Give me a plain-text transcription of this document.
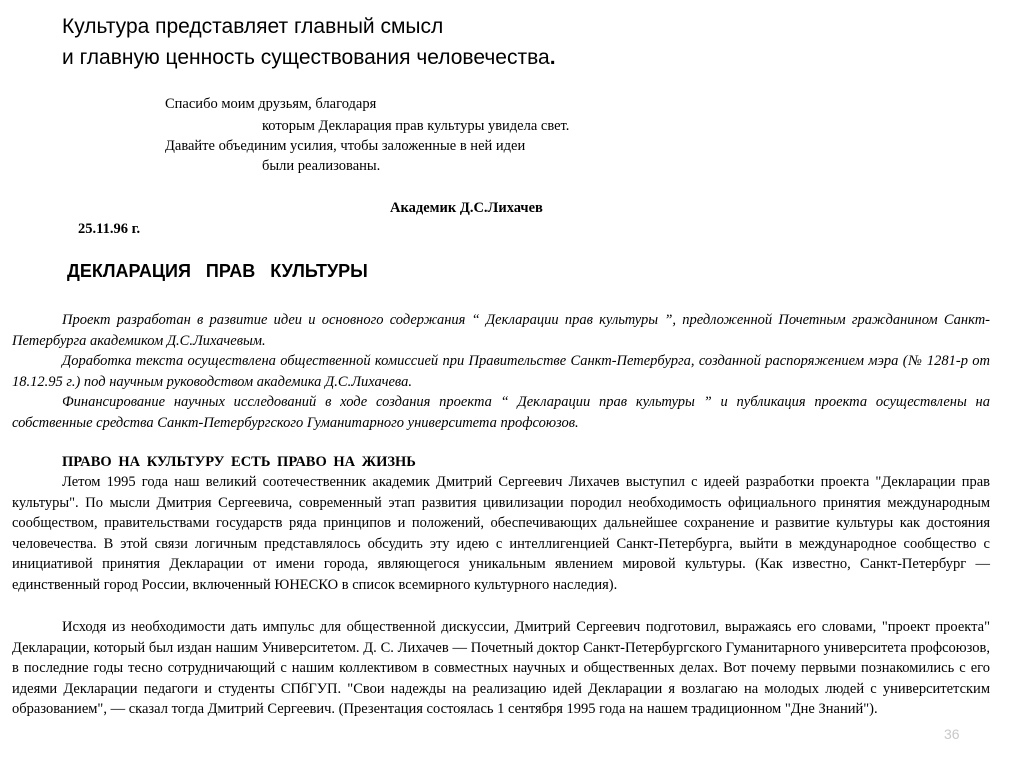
Культура представляет главный смысл
и главную ценность существования человечества.
Спасибо моим друзьям, благодаря
которым Декларация прав культуры увидела свет.
Давайте объединим усилия, чтобы заложенные в ней идеи
были реализованы.
Академик Д.С.Лихачев
25.11.96 г.
ДЕКЛАРАЦИЯ ПРАВ КУЛЬТУРЫ

Проект разработан в развитие идеи и основного содержания “ Декларации прав культуры ”, предложенной Почетным гражданином Санкт-Петербурга академиком Д.С.Лихачевым.

Доработка текста осуществлена общественной комиссией при Правительстве Санкт-Петербурга, созданной распоряжением мэра (№ 1281-р от 18.12.95 г.) под научным руководством академика Д.С.Лихачева.

Финансирование научных исследований в ходе создания проекта “ Декларации прав культуры ” и публикация проекта осуществлены на собственные средства Санкт-Петербургского Гуманитарного университета профсоюзов.

ПРАВО НА КУЛЬТУРУ ЕСТЬ ПРАВО НА ЖИЗНЬ

Летом 1995 года наш великий соотечественник академик Дмитрий Сергеевич Лихачев выступил с идеей разработки проекта "Декларации прав культуры". По мысли Дмитрия Сергеевича, современный этап развития цивилизации породил необходимость официального принятия международным сообществом, правительствами государств ряда принципов и положений, обеспечивающих дальнейшее сохранение и развитие культуры как достояния человечества. В этой связи логичным представлялось обсудить эту идею с интеллигенцией Санкт-Петербурга, выйти в международное сообщество с инициативой принятия Декларации от имени города, являющегося уникальным явлением мировой культуры. (Как известно, Санкт-Петербург — единственный город России, включенный ЮНЕСКО в список всемирного культурного наследия).

Исходя из необходимости дать импульс для общественной дискуссии, Дмитрий Сергеевич подготовил, выражаясь его словами, "проект проекта" Декларации, который был издан нашим Университетом. Д. С. Лихачев — Почетный доктор Санкт-Петербургского Гуманитарного университета профсоюзов, в последние годы тесно сотрудничающий с нашим коллективом в совместных научных и общественных делах. Вот почему первыми познакомились с его идеями Декларации педагоги и студенты СПбГУП. "Свои надежды на реализацию идей Декларации я возлагаю на молодых людей с университетским образованием", — сказал тогда Дмитрий Сергеевич. (Презентация состоялась 1 сентября 1995 года на нашем традиционном "Дне Знаний").

36
